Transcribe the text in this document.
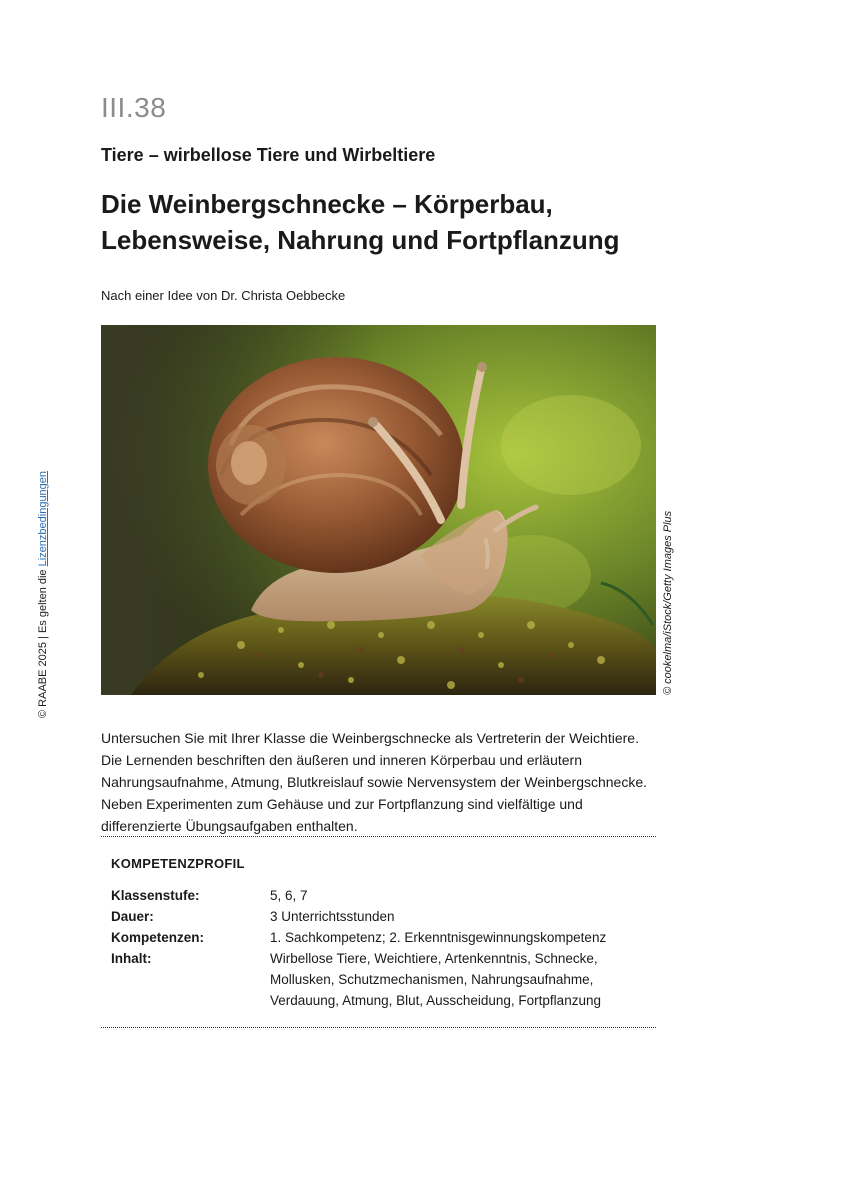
III.38
Tiere – wirbellose Tiere und Wirbeltiere
Die Weinbergschnecke – Körperbau, Lebensweise, Nahrung und Fortpflanzung
Nach einer Idee von Dr. Christa Oebbecke
© cookelma/iStock/Getty Images Plus
© RAABE 2025 | Es gelten die Lizenzbedingungen

Untersuchen Sie mit Ihrer Klasse die Weinbergschnecke als Vertreterin der Weichtiere. Die Lernenden beschriften den äußeren und inneren Körperbau und erläutern Nahrungsaufnahme, Atmung, Blutkreislauf sowie Nervensystem der Weinbergschnecke. Neben Experimenten zum Gehäuse und zur Fortpflanzung sind vielfältige und differenzierte Übungsaufgaben enthalten.

KOMPETENZPROFIL
Klassenstufe:	5, 6, 7
Dauer:	3 Unterrichtsstunden
Kompetenzen:	1. Sachkompetenz; 2. Erkenntnisgewinnungskompetenz
Inhalt:	Wirbellose Tiere, Weichtiere, Artenkenntnis, Schnecke, Mollusken, Schutzmechanismen, Nahrungsaufnahme, Verdauung, Atmung, Blut, Ausscheidung, Fortpflanzung
